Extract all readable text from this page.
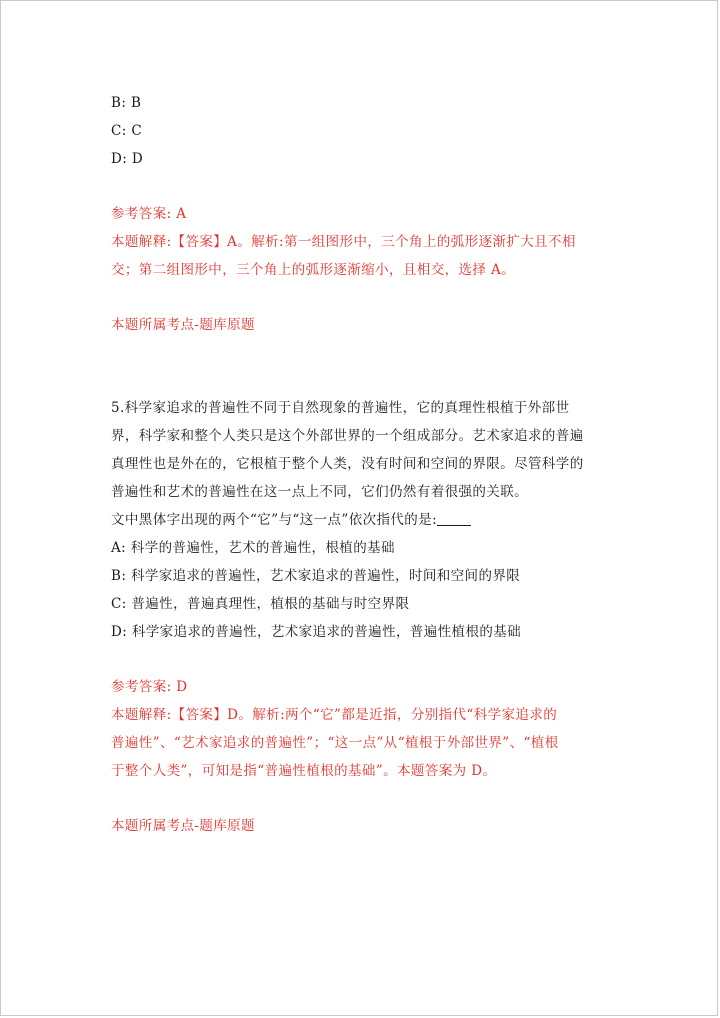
B: B
C: C
D: D
参考答案: A
本题解释:【答案】A。解析:第一组图形中，三个角上的弧形逐渐扩大且不相
交；第二组图形中，三个角上的弧形逐渐缩小，且相交，选择 A。
本题所属考点-题库原题
5.科学家追求的普遍性不同于自然现象的普遍性，它的真理性根植于外部世
界，科学家和整个人类只是这个外部世界的一个组成部分。艺术家追求的普遍
真理性也是外在的，它根植于整个人类，没有时间和空间的界限。尽管科学的
普遍性和艺术的普遍性在这一点上不同，它们仍然有着很强的关联。
文中黑体字出现的两个“它”与“这一点”依次指代的是:
A: 科学的普遍性，艺术的普遍性，根植的基础
B: 科学家追求的普遍性，艺术家追求的普遍性，时间和空间的界限
C: 普遍性，普遍真理性，植根的基础与时空界限
D: 科学家追求的普遍性，艺术家追求的普遍性，普遍性植根的基础
参考答案: D
本题解释:【答案】D。解析:两个“它”都是近指，分别指代“科学家追求的
普遍性”、“艺术家追求的普遍性”；“这一点”从“植根于外部世界”、“植根
于整个人类”，可知是指“普遍性植根的基础”。本题答案为 D。
本题所属考点-题库原题
